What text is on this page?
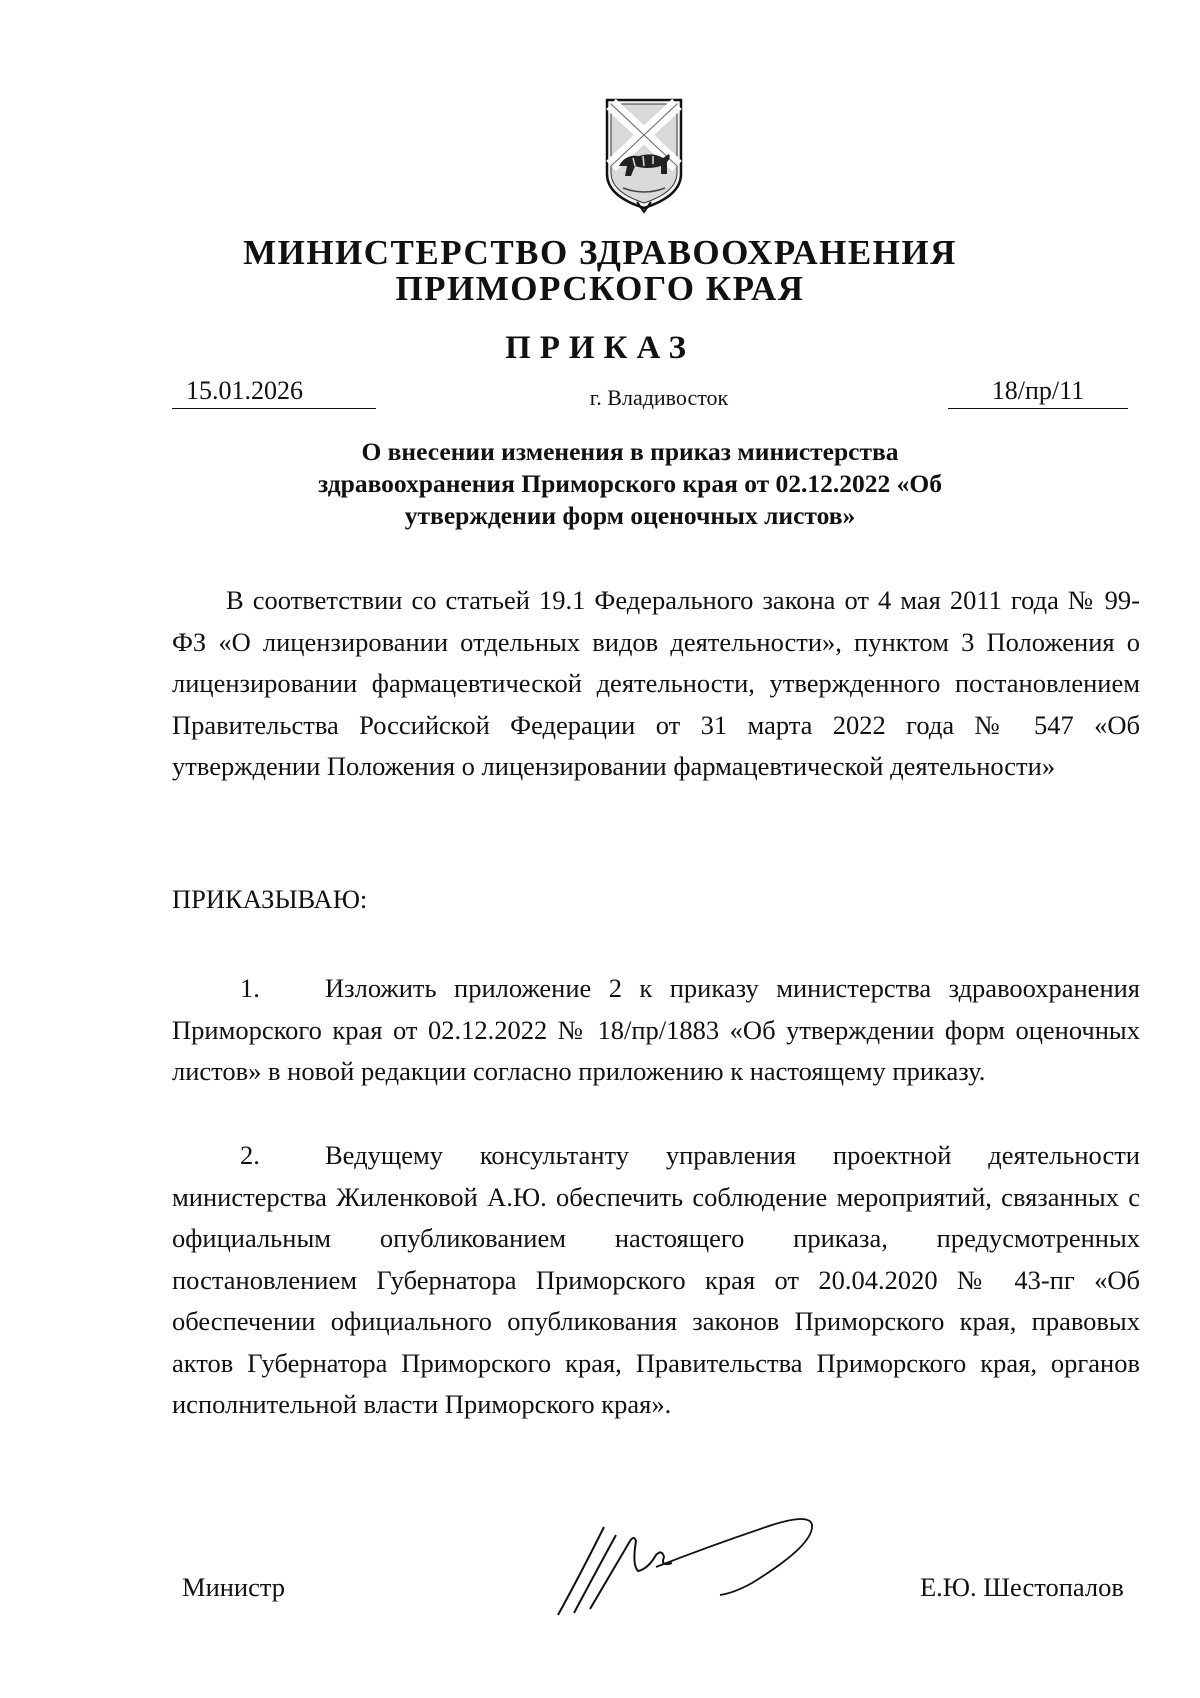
МИНИСТЕРСТВО ЗДРАВООХРАНЕНИЯ
ПРИМОРСКОГО КРАЯ
ПРИКАЗ
15.01.2026	г. Владивосток	18/пр/11
О внесении изменения в приказ министерства
здравоохранения Приморского края от 02.12.2022 «Об
утверждении форм оценочных листов»

В соответствии со статьей 19.1 Федерального закона от 4 мая 2011 года № 99-ФЗ «О лицензировании отдельных видов деятельности», пунктом 3 Положения о лицензировании фармацевтической деятельности, утвержденного постановлением Правительства Российской Федерации от 31 марта 2022 года № 547 «Об утверждении Положения о лицензировании фармацевтической деятельности»

ПРИКАЗЫВАЮ:

1. Изложить приложение 2 к приказу министерства здравоохранения Приморского края от 02.12.2022 № 18/пр/1883 «Об утверждении форм оценочных листов» в новой редакции согласно приложению к настоящему приказу.

2. Ведущему консультанту управления проектной деятельности министерства Жиленковой А.Ю. обеспечить соблюдение мероприятий, связанных с официальным опубликованием настоящего приказа, предусмотренных постановлением Губернатора Приморского края от 20.04.2020 № 43-пг «Об обеспечении официального опубликования законов Приморского края, правовых актов Губернатора Приморского края, Правительства Приморского края, органов исполнительной власти Приморского края».

Министр	Е.Ю. Шестопалов
